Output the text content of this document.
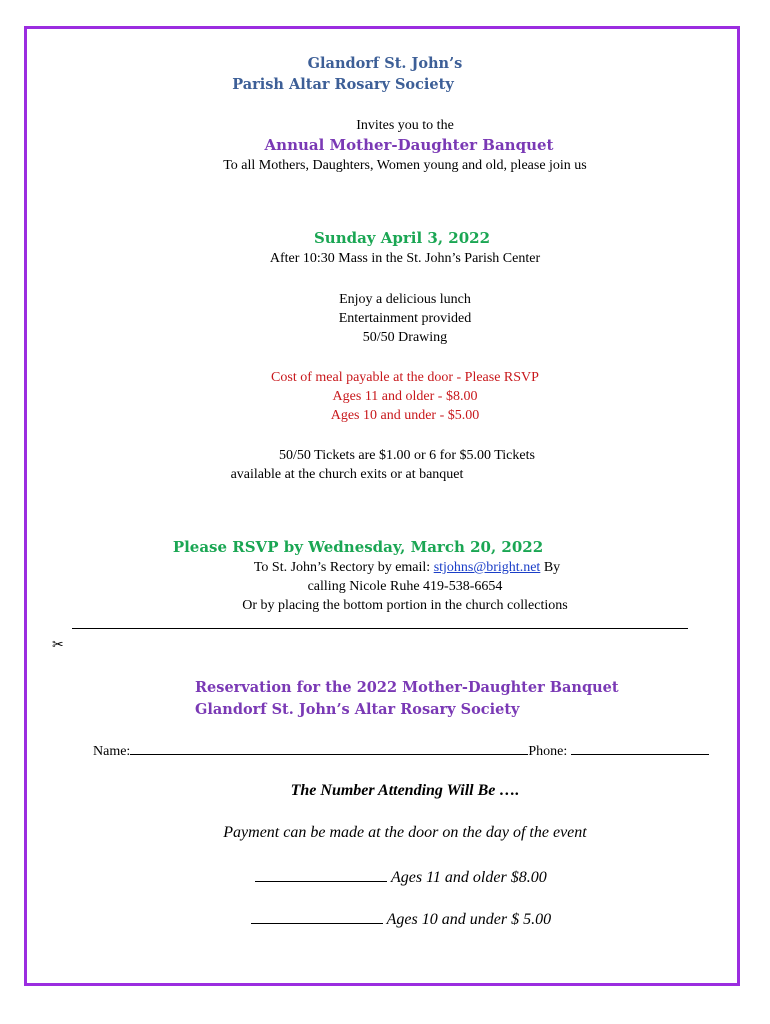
Glandorf St. John’s
Parish Altar Rosary Society
Invites you to the
Annual Mother-Daughter Banquet
To all Mothers, Daughters, Women young and old, please join us
Sunday April 3, 2022
After 10:30 Mass in the St. John’s Parish Center
Enjoy a delicious lunch
Entertainment provided
50/50 Drawing
Cost of meal payable at the door - Please RSVP
Ages 11 and older - $8.00
Ages 10 and under - $5.00
50/50 Tickets are $1.00 or 6 for $5.00 Tickets
available at the church exits or at banquet
Please RSVP by Wednesday, March 20, 2022
To St. John’s Rectory by email: stjohns@bright.net By
calling Nicole Ruhe 419-538-6654
Or by placing the bottom portion in the church collections
✂
Reservation for the 2022 Mother-Daughter Banquet
Glandorf St. John’s Altar Rosary Society
Name:	Phone:
The Number Attending Will Be ….
Payment can be made at the door on the day of the event
Ages 11 and older $8.00
Ages 10 and under $ 5.00
